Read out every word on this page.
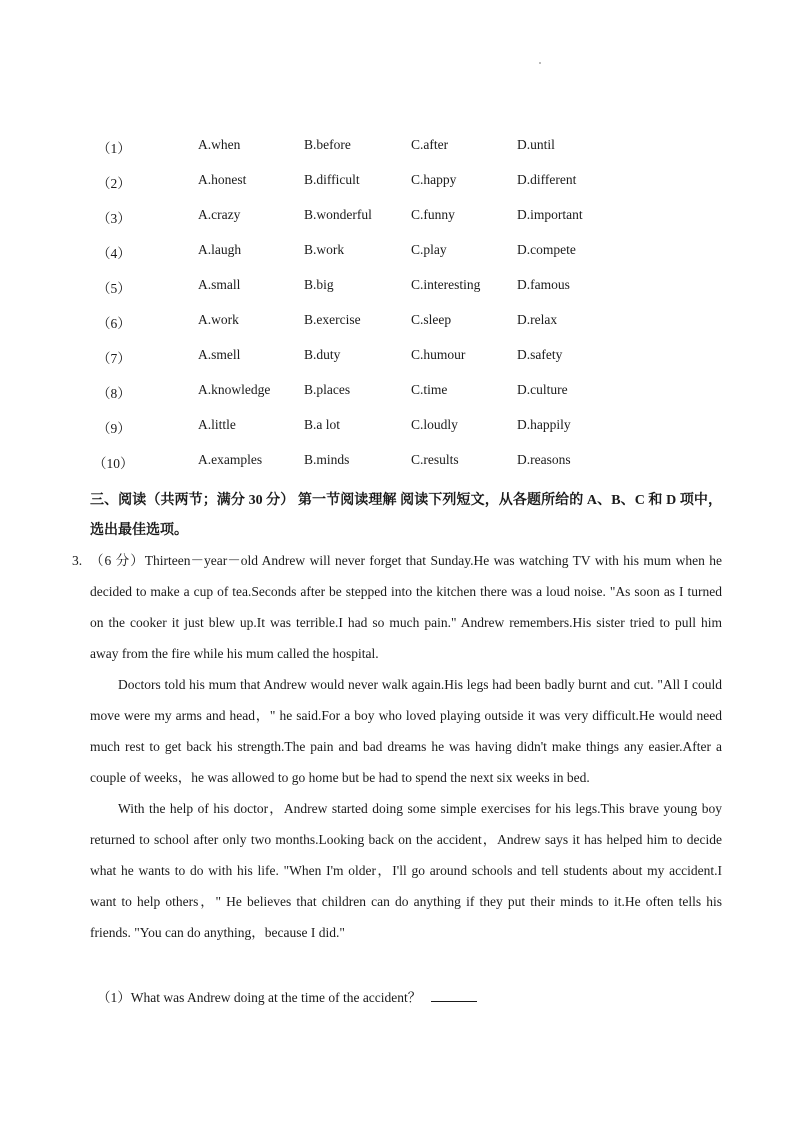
（1）	A.when	B.before	C.after	D.until
（2）	A.honest	B.difficult	C.happy	D.different
（3）	A.crazy	B.wonderful	C.funny	D.important
（4）	A.laugh	B.work	C.play	D.compete
（5）	A.small	B.big	C.interesting	D.famous
（6）	A.work	B.exercise	C.sleep	D.relax
（7）	A.smell	B.duty	C.humour	D.safety
（8）	A.knowledge B.places	C.time	D.culture
（9）	A.little	B.a lot	C.loudly	D.happily
（10）	A.examples	B.minds	C.results	D.reasons
三、阅读（共两节；满分 30 分） 第一节阅读理解 阅读下列短文，从各题所给的 A、B、C 和 D 项中，选出最佳选项。

3. （6 分）Thirteen－year－old Andrew will never forget that Sunday.He was watching TV with his mum when he decided to make a cup of tea.Seconds after be stepped into the kitchen there was a loud noise. "As soon as I turned on the cooker it just blew up.It was terrible.I had so much pain." Andrew remembers.His sister tried to pull him away from the fire while his mum called the hospital.

Doctors told his mum that Andrew would never walk again.His legs had been badly burnt and cut. "All I could move were my arms and head，" he said.For a boy who loved playing outside it was very difficult.He would need much rest to get back his strength.The pain and bad dreams he was having didn't make things any easier.After a couple of weeks，he was allowed to go home but be had to spend the next six weeks in bed.

With the help of his doctor，Andrew started doing some simple exercises for his legs.This brave young boy returned to school after only two months.Looking back on the accident，Andrew says it has helped him to decide what he wants to do with his life. "When I'm older，I'll go around schools and tell students about my accident.I want to help others，" He believes that children can do anything if they put their minds to it.He often tells his friends. "You can do anything，because I did."

（1）What was Andrew doing at the time of the accident？
